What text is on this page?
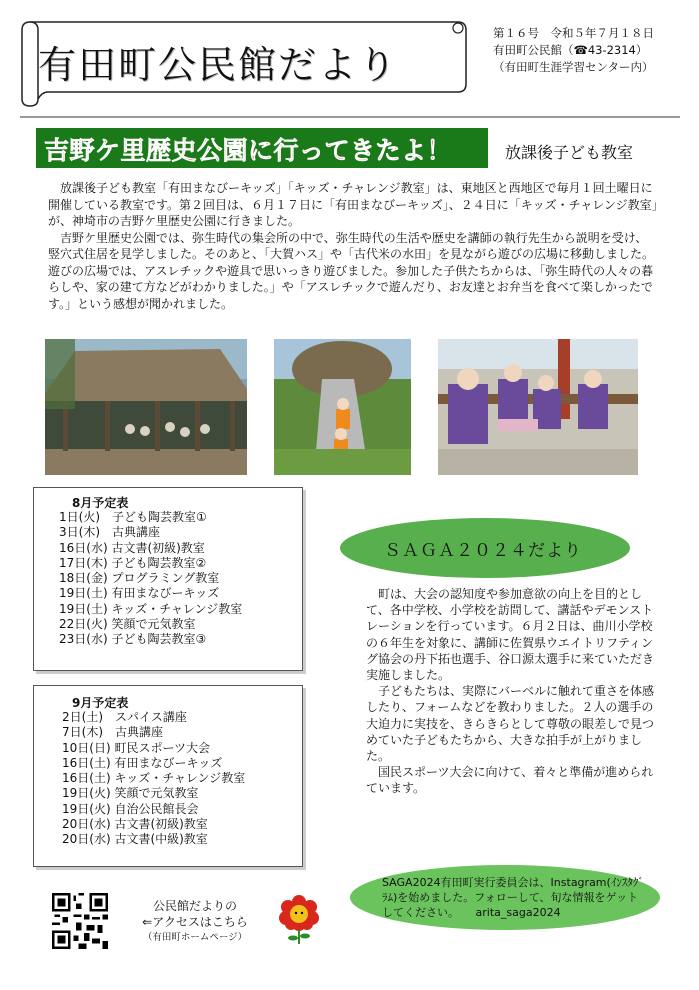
有田町公民館だより
第１６号　令和５年７月１８日
有田町公民館（☎43-2314）
（有田町生涯学習センター内）
吉野ケ里歴史公園に行ってきたよ！	放課後子ども教室

放課後子ども教室「有田まなびーキッズ」「キッズ・チャレンジ教室」は、東地区と西地区で毎月１回土曜日に開催している教室です。第２回目は、６月１７日に「有田まなびーキッズ」、２４日に「キッズ・チャレンジ教室」が、神埼市の吉野ケ里歴史公園に行きました。

吉野ケ里歴史公園では、弥生時代の集会所の中で、弥生時代の生活や歴史を講師の執行先生から説明を受け、竪穴式住居を見学しました。そのあと、「大賀ハス」や「古代米の水田」を見ながら遊びの広場に移動しました。遊びの広場では、アスレチックや遊具で思いっきり遊びました。参加した子供たちからは、「弥生時代の人々の暮らしや、家の建て方などがわかりました。」や「アスレチックで遊んだり、お友達とお弁当を食べて楽しかったです。」という感想が聞かれました。

8月予定表
1日(火)　子ども陶芸教室①
3日(木)　古典講座
16日(水) 古文書(初級)教室
17日(木) 子ども陶芸教室②
18日(金) プログラミング教室
19日(土) 有田まなびーキッズ
19日(土) キッズ・チャレンジ教室
22日(火) 笑顔で元気教室
23日(水) 子ども陶芸教室③
9月予定表
2日(土)　スパイス講座
7日(木)　古典講座
10日(日) 町民スポーツ大会
16日(土) 有田まなびーキッズ
16日(土) キッズ・チャレンジ教室
19日(火) 笑顔で元気教室
19日(火) 自治公民館長会
20日(水) 古文書(初級)教室
20日(水) 古文書(中級)教室
ＳＡＧＡ２０２４だより

町は、大会の認知度や参加意欲の向上を目的として、各中学校、小学校を訪問して、講話やデモンストレーションを行っています。６月２日は、曲川小学校の６年生を対象に、講師に佐賀県ウエイトリフティング協会の丹下拓也選手、谷口源太選手に来ていただき実施しました。

子どもたちは、実際にバーベルに触れて重さを体感したり、フォームなどを教わりました。２人の選手の大迫力に実技を、きらきらとして尊敬の眼差しで見つめていた子どもたちから、大きな拍手が上がりました。

国民スポーツ大会に向けて、着々と準備が進められています。

SAGA2024有田町実行委員会は、Instagram(ｲﾝｽﾀｸﾞﾗﾑ)を始めました。フォローして、旬な情報をゲットしてください。　　arita_saga2024
公民館だよりの
⇐アクセスはこちら
（有田町ホームページ）
